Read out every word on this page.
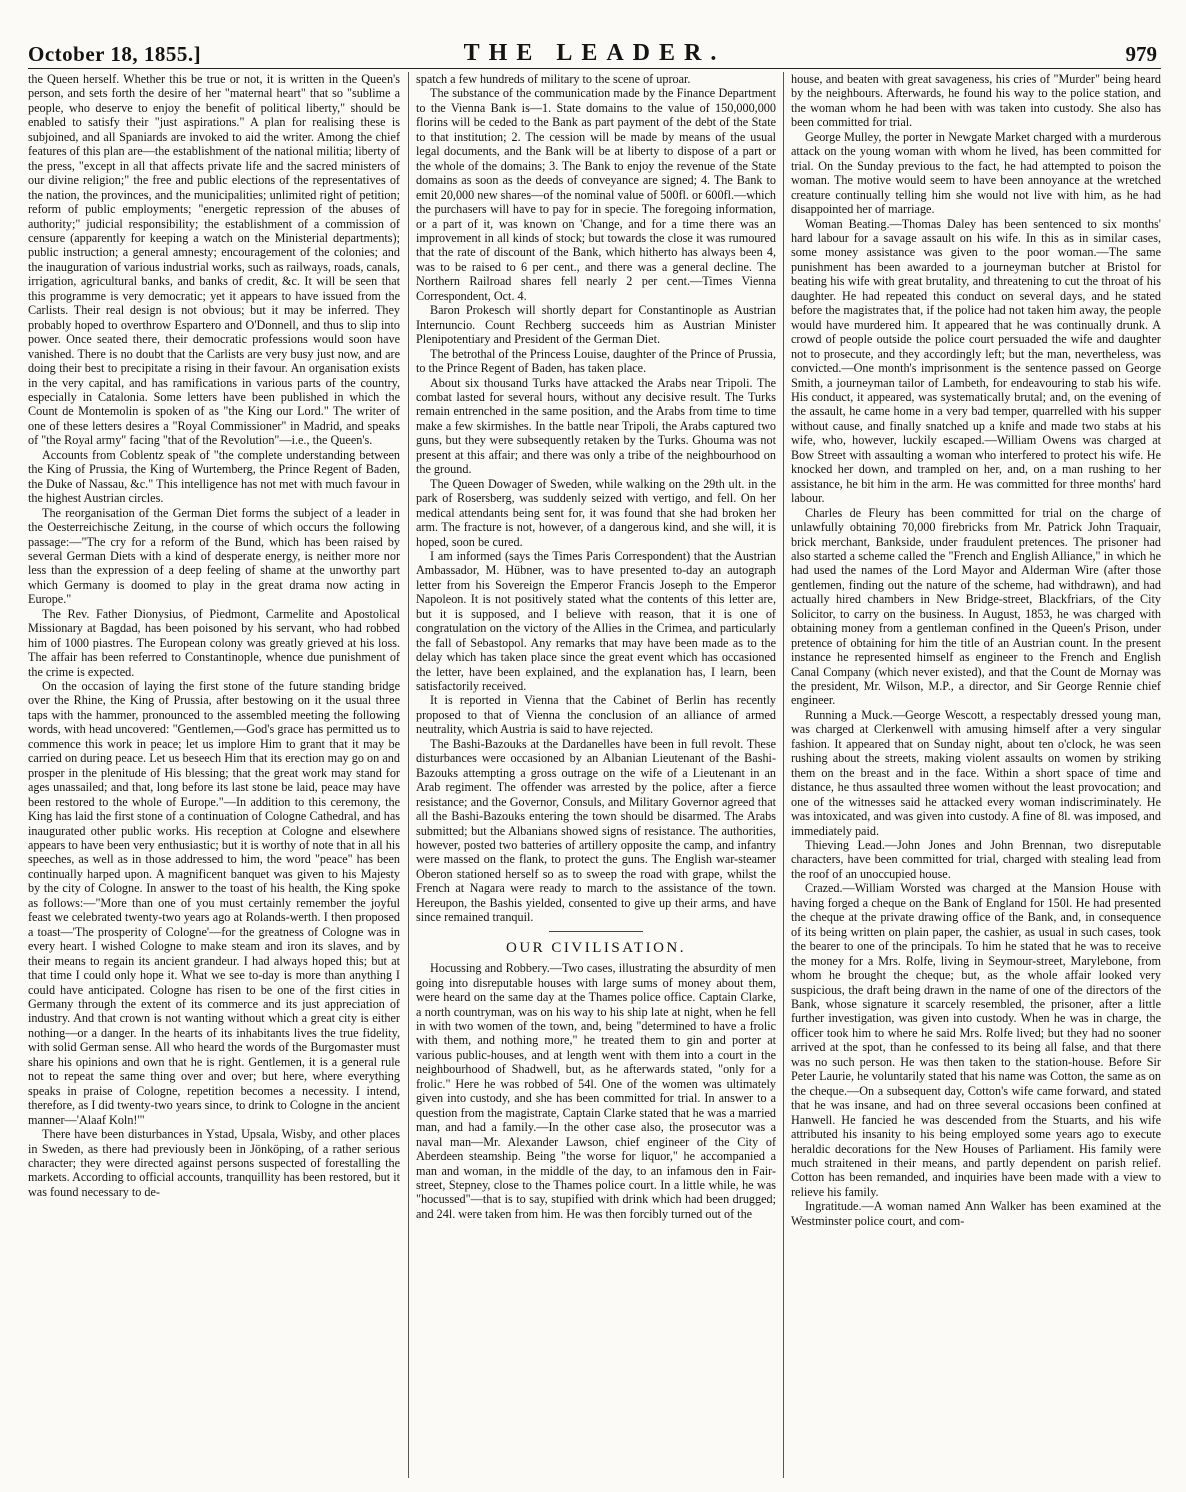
October 18, 1855.]	THE LEADER.	979

the Queen herself. Whether this be true or not, it is written in the Queen's person, and sets forth the desire of her "maternal heart" that so "sublime a people, who deserve to enjoy the benefit of political liberty," should be enabled to satisfy their "just aspirations." A plan for realising these is subjoined, and all Spaniards are invoked to aid the writer. Among the chief features of this plan are—the establishment of the national militia; liberty of the press, "except in all that affects private life and the sacred ministers of our divine religion;" the free and public elections of the representatives of the nation, the provinces, and the municipalities; unlimited right of petition; reform of public employments; "energetic repression of the abuses of authority;" judicial responsibility; the establishment of a commission of censure (apparently for keeping a watch on the Ministerial departments); public instruction; a general amnesty; encouragement of the colonies; and the inauguration of various industrial works, such as railways, roads, canals, irrigation, agricultural banks, and banks of credit, &c. It will be seen that this programme is very democratic; yet it appears to have issued from the Carlists. Their real design is not obvious; but it may be inferred. They probably hoped to overthrow Espartero and O'Donnell, and thus to slip into power. Once seated there, their democratic professions would soon have vanished. There is no doubt that the Carlists are very busy just now, and are doing their best to precipitate a rising in their favour. An organisation exists in the very capital, and has ramifications in various parts of the country, especially in Catalonia. Some letters have been published in which the Count de Montemolin is spoken of as "the King our Lord." The writer of one of these letters desires a "Royal Commissioner" in Madrid, and speaks of "the Royal army" facing "that of the Revolution"—i.e., the Queen's.

Accounts from Coblentz speak of "the complete understanding between the King of Prussia, the King of Wurtemberg, the Prince Regent of Baden, the Duke of Nassau, &c." This intelligence has not met with much favour in the highest Austrian circles.

The reorganisation of the German Diet forms the subject of a leader in the Oesterreichische Zeitung, in the course of which occurs the following passage:—"The cry for a reform of the Bund, which has been raised by several German Diets with a kind of desperate energy, is neither more nor less than the expression of a deep feeling of shame at the unworthy part which Germany is doomed to play in the great drama now acting in Europe."

The Rev. Father Dionysius, of Piedmont, Carmelite and Apostolical Missionary at Bagdad, has been poisoned by his servant, who had robbed him of 1000 piastres. The European colony was greatly grieved at his loss. The affair has been referred to Constantinople, whence due punishment of the crime is expected.

On the occasion of laying the first stone of the future standing bridge over the Rhine, the King of Prussia, after bestowing on it the usual three taps with the hammer, pronounced to the assembled meeting the following words, with head uncovered: "Gentlemen,—God's grace has permitted us to commence this work in peace; let us implore Him to grant that it may be carried on during peace. Let us beseech Him that its erection may go on and prosper in the plenitude of His blessing; that the great work may stand for ages unassailed; and that, long before its last stone be laid, peace may have been restored to the whole of Europe."—In addition to this ceremony, the King has laid the first stone of a continuation of Cologne Cathedral, and has inaugurated other public works. His reception at Cologne and elsewhere appears to have been very enthusiastic; but it is worthy of note that in all his speeches, as well as in those addressed to him, the word "peace" has been continually harped upon. A magnificent banquet was given to his Majesty by the city of Cologne. In answer to the toast of his health, the King spoke as follows:—"More than one of you must certainly remember the joyful feast we celebrated twenty-two years ago at Rolands-werth. I then proposed a toast—'The prosperity of Cologne'—for the greatness of Cologne was in every heart. I wished Cologne to make steam and iron its slaves, and by their means to regain its ancient grandeur. I had always hoped this; but at that time I could only hope it. What we see to-day is more than anything I could have anticipated. Cologne has risen to be one of the first cities in Germany through the extent of its commerce and its just appreciation of industry. And that crown is not wanting without which a great city is either nothing—or a danger. In the hearts of its inhabitants lives the true fidelity, with solid German sense. All who heard the words of the Burgomaster must share his opinions and own that he is right. Gentlemen, it is a general rule not to repeat the same thing over and over; but here, where everything speaks in praise of Cologne, repetition becomes a necessity. I intend, therefore, as I did twenty-two years since, to drink to Cologne in the ancient manner—'Alaaf Koln!'"

There have been disturbances in Ystad, Upsala, Wisby, and other places in Sweden, as there had previously been in Jönköping, of a rather serious character; they were directed against persons suspected of forestalling the markets. According to official accounts, tranquillity has been restored, but it was found necessary to de-

spatch a few hundreds of military to the scene of uproar.

The substance of the communication made by the Finance Department to the Vienna Bank is—1. State domains to the value of 150,000,000 florins will be ceded to the Bank as part payment of the debt of the State to that institution; 2. The cession will be made by means of the usual legal documents, and the Bank will be at liberty to dispose of a part or the whole of the domains; 3. The Bank to enjoy the revenue of the State domains as soon as the deeds of conveyance are signed; 4. The Bank to emit 20,000 new shares—of the nominal value of 500fl. or 600fl.—which the purchasers will have to pay for in specie. The foregoing information, or a part of it, was known on 'Change, and for a time there was an improvement in all kinds of stock; but towards the close it was rumoured that the rate of discount of the Bank, which hitherto has always been 4, was to be raised to 6 per cent., and there was a general decline. The Northern Railroad shares fell nearly 2 per cent.—Times Vienna Correspondent, Oct. 4.

Baron Prokesch will shortly depart for Constantinople as Austrian Internuncio. Count Rechberg succeeds him as Austrian Minister Plenipotentiary and President of the German Diet.

The betrothal of the Princess Louise, daughter of the Prince of Prussia, to the Prince Regent of Baden, has taken place.

About six thousand Turks have attacked the Arabs near Tripoli. The combat lasted for several hours, without any decisive result. The Turks remain entrenched in the same position, and the Arabs from time to time make a few skirmishes. In the battle near Tripoli, the Arabs captured two guns, but they were subsequently retaken by the Turks. Ghouma was not present at this affair; and there was only a tribe of the neighbourhood on the ground.

The Queen Dowager of Sweden, while walking on the 29th ult. in the park of Rosersberg, was suddenly seized with vertigo, and fell. On her medical attendants being sent for, it was found that she had broken her arm. The fracture is not, however, of a dangerous kind, and she will, it is hoped, soon be cured.

I am informed (says the Times Paris Correspondent) that the Austrian Ambassador, M. Hübner, was to have presented to-day an autograph letter from his Sovereign the Emperor Francis Joseph to the Emperor Napoleon. It is not positively stated what the contents of this letter are, but it is supposed, and I believe with reason, that it is one of congratulation on the victory of the Allies in the Crimea, and particularly the fall of Sebastopol. Any remarks that may have been made as to the delay which has taken place since the great event which has occasioned the letter, have been explained, and the explanation has, I learn, been satisfactorily received.

It is reported in Vienna that the Cabinet of Berlin has recently proposed to that of Vienna the conclusion of an alliance of armed neutrality, which Austria is said to have rejected.

The Bashi-Bazouks at the Dardanelles have been in full revolt. These disturbances were occasioned by an Albanian Lieutenant of the Bashi-Bazouks attempting a gross outrage on the wife of a Lieutenant in an Arab regiment. The offender was arrested by the police, after a fierce resistance; and the Governor, Consuls, and Military Governor agreed that all the Bashi-Bazouks entering the town should be disarmed. The Arabs submitted; but the Albanians showed signs of resistance. The authorities, however, posted two batteries of artillery opposite the camp, and infantry were massed on the flank, to protect the guns. The English war-steamer Oberon stationed herself so as to sweep the road with grape, whilst the French at Nagara were ready to march to the assistance of the town. Hereupon, the Bashis yielded, consented to give up their arms, and have since remained tranquil.

OUR CIVILISATION.

Hocussing and Robbery.—Two cases, illustrating the absurdity of men going into disreputable houses with large sums of money about them, were heard on the same day at the Thames police office. Captain Clarke, a north countryman, was on his way to his ship late at night, when he fell in with two women of the town, and, being "determined to have a frolic with them, and nothing more," he treated them to gin and porter at various public-houses, and at length went with them into a court in the neighbourhood of Shadwell, but, as he afterwards stated, "only for a frolic." Here he was robbed of 54l. One of the women was ultimately given into custody, and she has been committed for trial. In answer to a question from the magistrate, Captain Clarke stated that he was a married man, and had a family.—In the other case also, the prosecutor was a naval man—Mr. Alexander Lawson, chief engineer of the City of Aberdeen steamship. Being "the worse for liquor," he accompanied a man and woman, in the middle of the day, to an infamous den in Fair-street, Stepney, close to the Thames police court. In a little while, he was "hocussed"—that is to say, stupified with drink which had been drugged; and 24l. were taken from him. He was then forcibly turned out of the

house, and beaten with great savageness, his cries of "Murder" being heard by the neighbours. Afterwards, he found his way to the police station, and the woman whom he had been with was taken into custody. She also has been committed for trial.

George Mulley, the porter in Newgate Market charged with a murderous attack on the young woman with whom he lived, has been committed for trial. On the Sunday previous to the fact, he had attempted to poison the woman. The motive would seem to have been annoyance at the wretched creature continually telling him she would not live with him, as he had disappointed her of marriage.

Woman Beating.—Thomas Daley has been sentenced to six months' hard labour for a savage assault on his wife. In this as in similar cases, some money assistance was given to the poor woman.—The same punishment has been awarded to a journeyman butcher at Bristol for beating his wife with great brutality, and threatening to cut the throat of his daughter. He had repeated this conduct on several days, and he stated before the magistrates that, if the police had not taken him away, the people would have murdered him. It appeared that he was continually drunk. A crowd of people outside the police court persuaded the wife and daughter not to prosecute, and they accordingly left; but the man, nevertheless, was convicted.—One month's imprisonment is the sentence passed on George Smith, a journeyman tailor of Lambeth, for endeavouring to stab his wife. His conduct, it appeared, was systematically brutal; and, on the evening of the assault, he came home in a very bad temper, quarrelled with his supper without cause, and finally snatched up a knife and made two stabs at his wife, who, however, luckily escaped.—William Owens was charged at Bow Street with assaulting a woman who interfered to protect his wife. He knocked her down, and trampled on her, and, on a man rushing to her assistance, he bit him in the arm. He was committed for three months' hard labour.

Charles de Fleury has been committed for trial on the charge of unlawfully obtaining 70,000 firebricks from Mr. Patrick John Traquair, brick merchant, Bankside, under fraudulent pretences. The prisoner had also started a scheme called the "French and English Alliance," in which he had used the names of the Lord Mayor and Alderman Wire (after those gentlemen, finding out the nature of the scheme, had withdrawn), and had actually hired chambers in New Bridge-street, Blackfriars, of the City Solicitor, to carry on the business. In August, 1853, he was charged with obtaining money from a gentleman confined in the Queen's Prison, under pretence of obtaining for him the title of an Austrian count. In the present instance he represented himself as engineer to the French and English Canal Company (which never existed), and that the Count de Mornay was the president, Mr. Wilson, M.P., a director, and Sir George Rennie chief engineer.

Running a Muck.—George Wescott, a respectably dressed young man, was charged at Clerkenwell with amusing himself after a very singular fashion. It appeared that on Sunday night, about ten o'clock, he was seen rushing about the streets, making violent assaults on women by striking them on the breast and in the face. Within a short space of time and distance, he thus assaulted three women without the least provocation; and one of the witnesses said he attacked every woman indiscriminately. He was intoxicated, and was given into custody. A fine of 8l. was imposed, and immediately paid.

Thieving Lead.—John Jones and John Brennan, two disreputable characters, have been committed for trial, charged with stealing lead from the roof of an unoccupied house.

Crazed.—William Worsted was charged at the Mansion House with having forged a cheque on the Bank of England for 150l. He had presented the cheque at the private drawing office of the Bank, and, in consequence of its being written on plain paper, the cashier, as usual in such cases, took the bearer to one of the principals. To him he stated that he was to receive the money for a Mrs. Rolfe, living in Seymour-street, Marylebone, from whom he brought the cheque; but, as the whole affair looked very suspicious, the draft being drawn in the name of one of the directors of the Bank, whose signature it scarcely resembled, the prisoner, after a little further investigation, was given into custody. When he was in charge, the officer took him to where he said Mrs. Rolfe lived; but they had no sooner arrived at the spot, than he confessed to its being all false, and that there was no such person. He was then taken to the station-house. Before Sir Peter Laurie, he voluntarily stated that his name was Cotton, the same as on the cheque.—On a subsequent day, Cotton's wife came forward, and stated that he was insane, and had on three several occasions been confined at Hanwell. He fancied he was descended from the Stuarts, and his wife attributed his insanity to his being employed some years ago to execute heraldic decorations for the New Houses of Parliament. His family were much straitened in their means, and partly dependent on parish relief. Cotton has been remanded, and inquiries have been made with a view to relieve his family.

Ingratitude.—A woman named Ann Walker has been examined at the Westminster police court, and com-
